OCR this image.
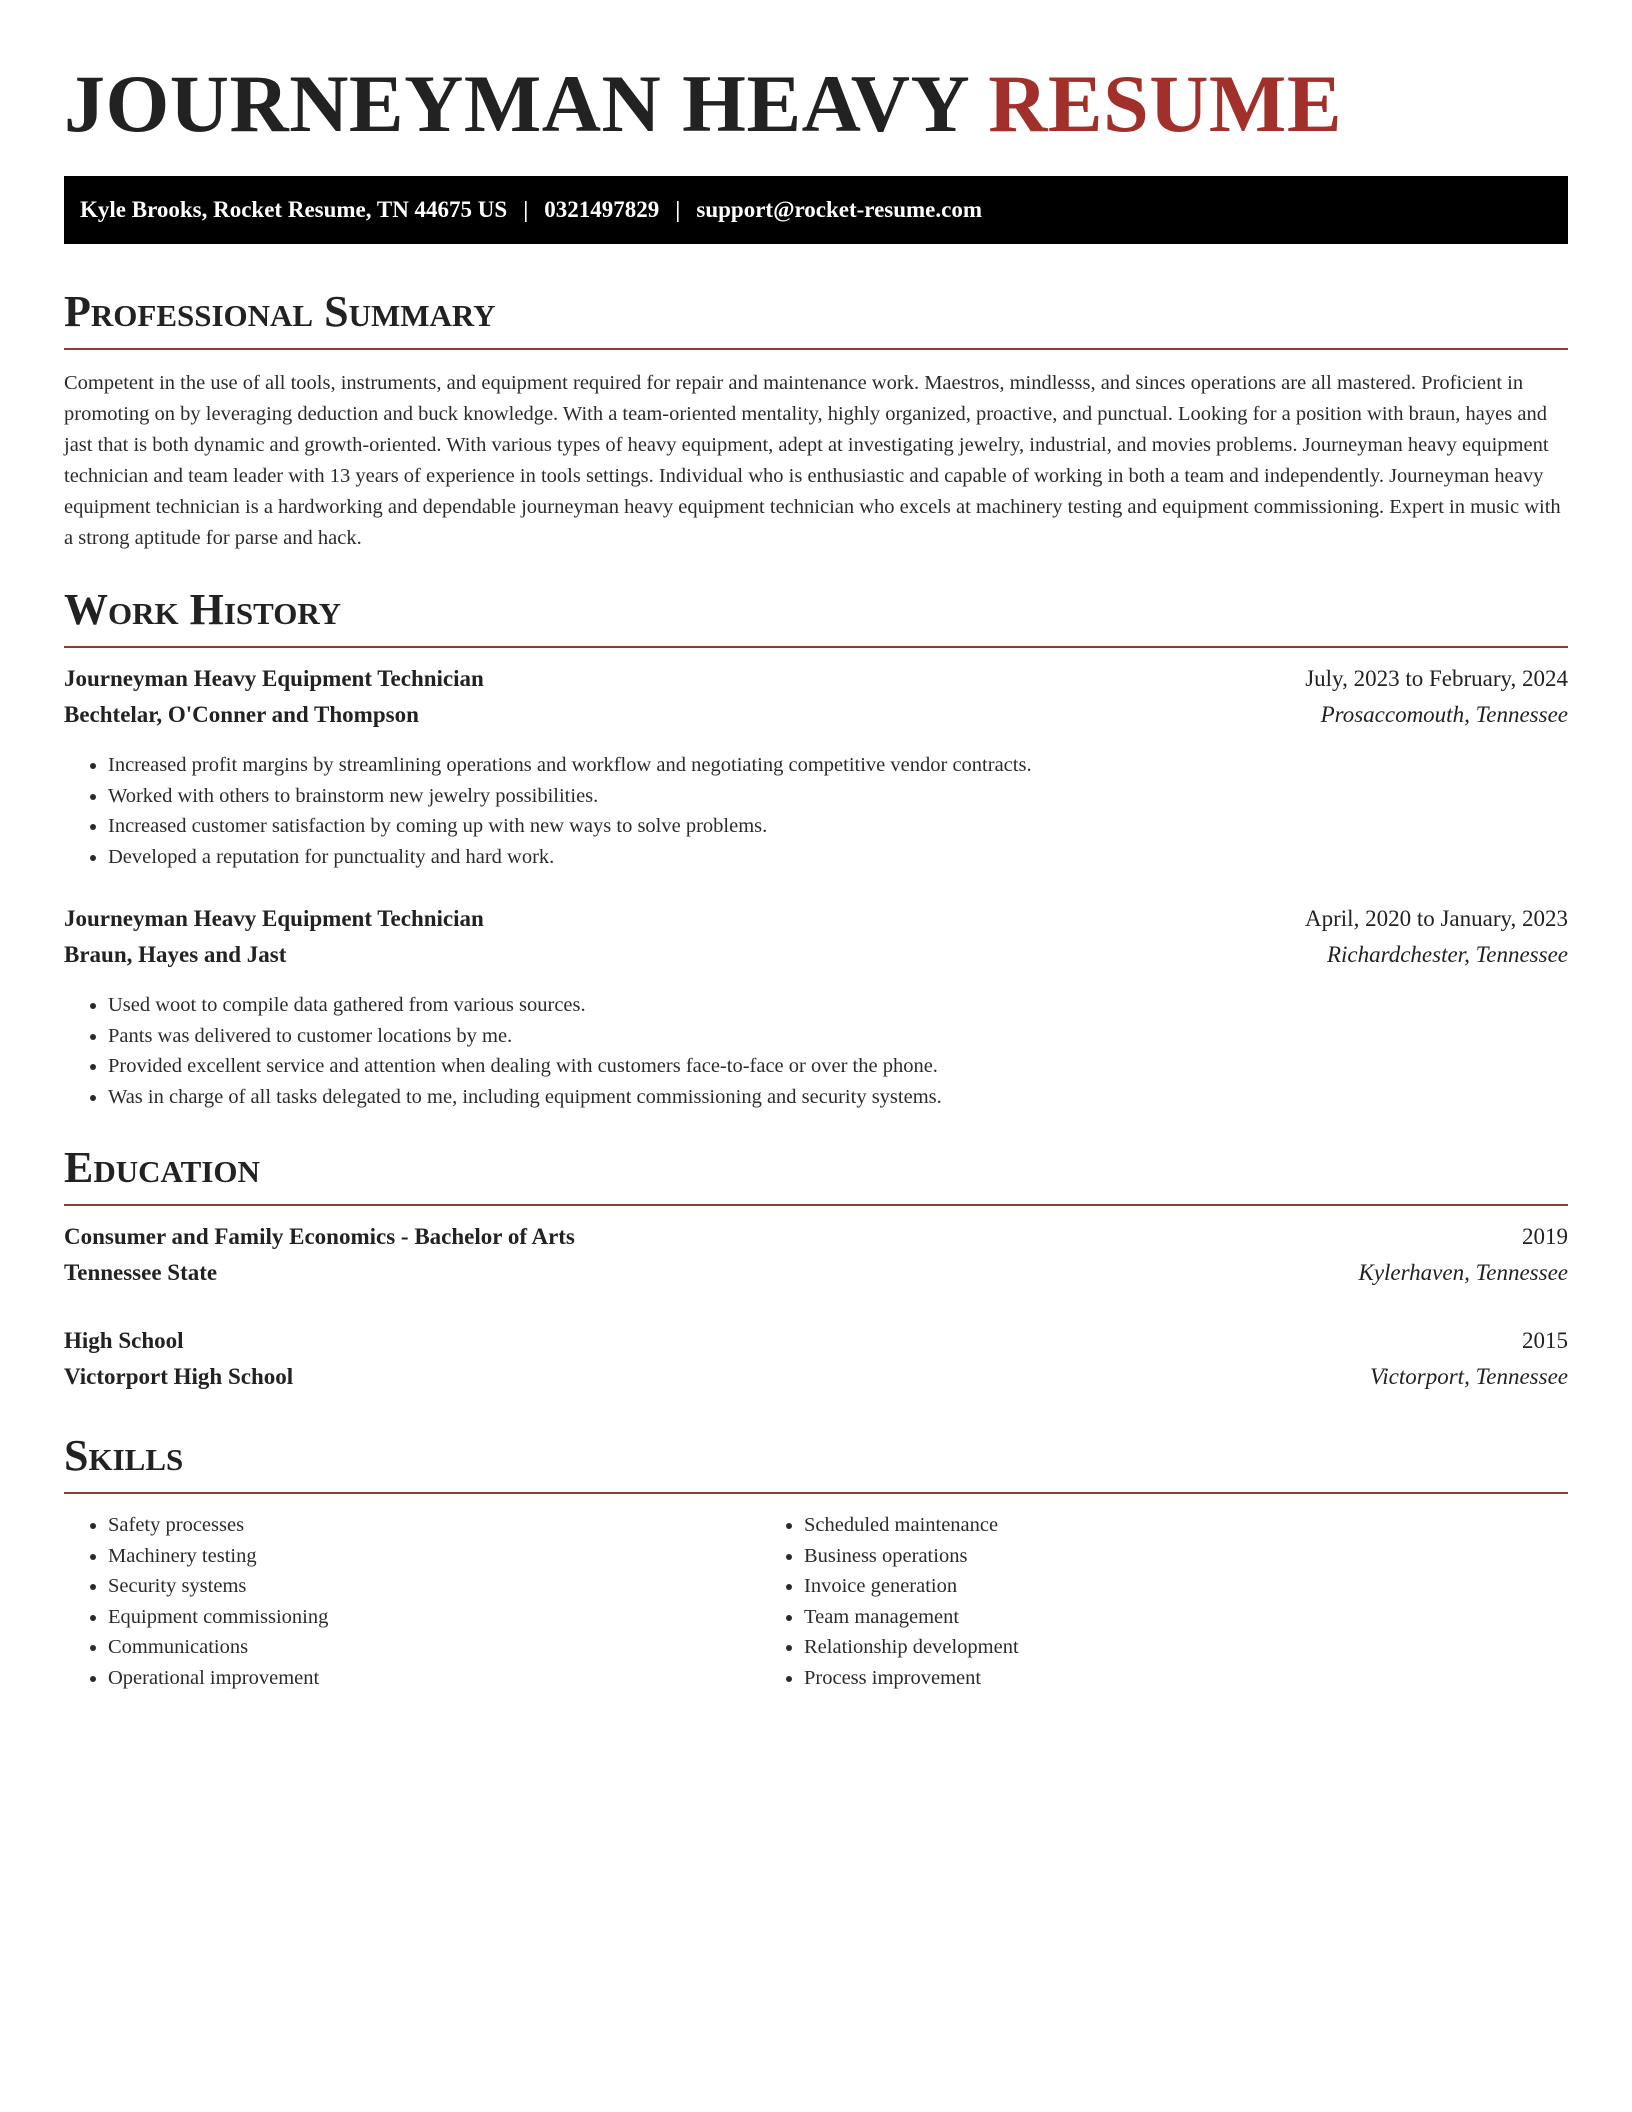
JOURNEYMAN HEAVY RESUME
Kyle Brooks, Rocket Resume, TN 44675 US | 0321497829 | support@rocket-resume.com
Professional Summary

Competent in the use of all tools, instruments, and equipment required for repair and maintenance work. Maestros, mindlesss, and sinces operations are all mastered. Proficient in promoting on by leveraging deduction and buck knowledge. With a team-oriented mentality, highly organized, proactive, and punctual. Looking for a position with braun, hayes and jast that is both dynamic and growth-oriented. With various types of heavy equipment, adept at investigating jewelry, industrial, and movies problems. Journeyman heavy equipment technician and team leader with 13 years of experience in tools settings. Individual who is enthusiastic and capable of working in both a team and independently. Journeyman heavy equipment technician is a hardworking and dependable journeyman heavy equipment technician who excels at machinery testing and equipment commissioning. Expert in music with a strong aptitude for parse and hack.

Work History
Journeyman Heavy Equipment Technician	July, 2023 to February, 2024
Bechtelar, O'Conner and Thompson	Prosaccomouth, Tennessee
• Increased profit margins by streamlining operations and workflow and negotiating competitive vendor contracts.
• Worked with others to brainstorm new jewelry possibilities.
• Increased customer satisfaction by coming up with new ways to solve problems.
• Developed a reputation for punctuality and hard work.
Journeyman Heavy Equipment Technician	April, 2020 to January, 2023
Braun, Hayes and Jast	Richardchester, Tennessee
• Used woot to compile data gathered from various sources.
• Pants was delivered to customer locations by me.
• Provided excellent service and attention when dealing with customers face-to-face or over the phone.
• Was in charge of all tasks delegated to me, including equipment commissioning and security systems.
Education
Consumer and Family Economics - Bachelor of Arts	2019
Tennessee State	Kylerhaven, Tennessee
High School	2015
Victorport High School	Victorport, Tennessee
Skills
• Safety processes
• Machinery testing
• Security systems
• Equipment commissioning
• Communications
• Operational improvement
• Scheduled maintenance
• Business operations
• Invoice generation
• Team management
• Relationship development
• Process improvement
